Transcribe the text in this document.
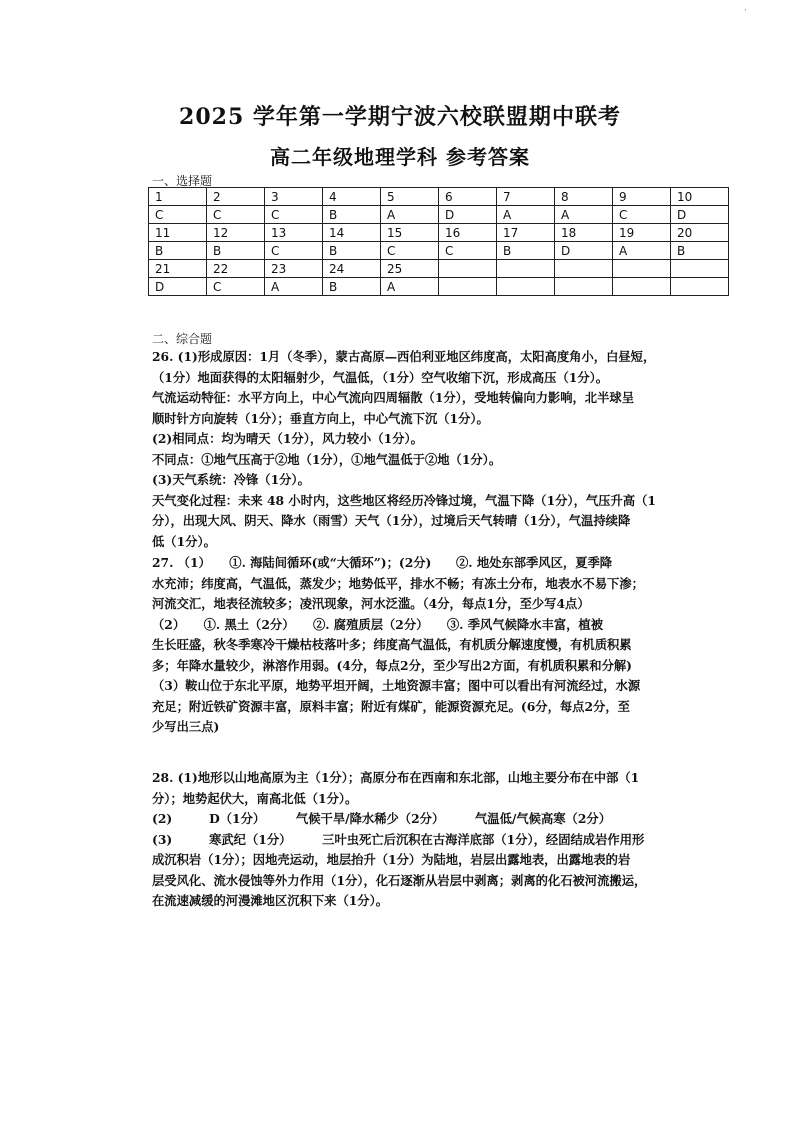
·
2025 学年第一学期宁波六校联盟期中联考
高二年级地理学科 参考答案
一、选择题
1	2	3	4	5	6	7	8	9	10
C	C	C	B	A	D	A	A	C	D
11	12	13	14	15	16	17	18	19	20
B	B	C	B	C	C	B	D	A	B
21	22	23	24	25					
D	C	A	B	A					
二、综合题

26. (1)形成原因：1月（冬季），蒙古高原—西伯利亚地区纬度高，太阳高度角小，白昼短，

（1分）地面获得的太阳辐射少，气温低，（1分）空气收缩下沉，形成高压（1分）。

气流运动特征：水平方向上，中心气流向四周辐散（1分），受地转偏向力影响，北半球呈

顺时针方向旋转（1分）；垂直方向上，中心气流下沉（1分）。

(2)相同点：均为晴天（1分），风力较小（1分）。

不同点：①地气压高于②地（1分），①地气温低于②地（1分）。

(3)天气系统：冷锋（1分）。

天气变化过程：未来 48 小时内，这些地区将经历冷锋过境，气温下降（1分），气压升高（1

分），出现大风、阴天、降水（雨雪）天气（1分），过境后天气转晴（1分），气温持续降

低（1分）。

27. （1）　　①. 海陆间循环(或“大循环”)；(2分)　　②. 地处东部季风区，夏季降

水充沛；纬度高，气温低，蒸发少；地势低平，排水不畅；有冻土分布，地表水不易下渗；

河流交汇，地表径流较多；凌汛现象，河水泛滥。（4分，每点1分，至少写4点）

（2）　　①. 黑土（2分）　　②. 腐殖质层（2分）　　③. 季风气候降水丰富，植被

生长旺盛，秋冬季寒冷干燥枯枝落叶多；纬度高气温低，有机质分解速度慢，有机质积累

多；年降水量较少，淋溶作用弱。(4分，每点2分，至少写出2方面，有机质积累和分解)

（3）鞍山位于东北平原，地势平坦开阔，土地资源丰富；图中可以看出有河流经过，水源

充足；附近铁矿资源丰富，原料丰富；附近有煤矿，能源资源充足。(6分，每点2分，至

少写出三点)

28. (1)地形以山地高原为主（1分）；高原分布在西南和东北部，山地主要分布在中部（1

分）；地势起伏大，南高北低（1分）。

(2)　　　D（1分）　　　气候干旱/降水稀少（2分）　　　气温低/气候高寒（2分）

(3)　　　寒武纪（1分）　　　三叶虫死亡后沉积在古海洋底部（1分），经固结成岩作用形

成沉积岩（1分）；因地壳运动，地层抬升（1分）为陆地，岩层出露地表，出露地表的岩

层受风化、流水侵蚀等外力作用（1分），化石逐渐从岩层中剥离；剥离的化石被河流搬运，

在流速减缓的河漫滩地区沉积下来（1分）。
